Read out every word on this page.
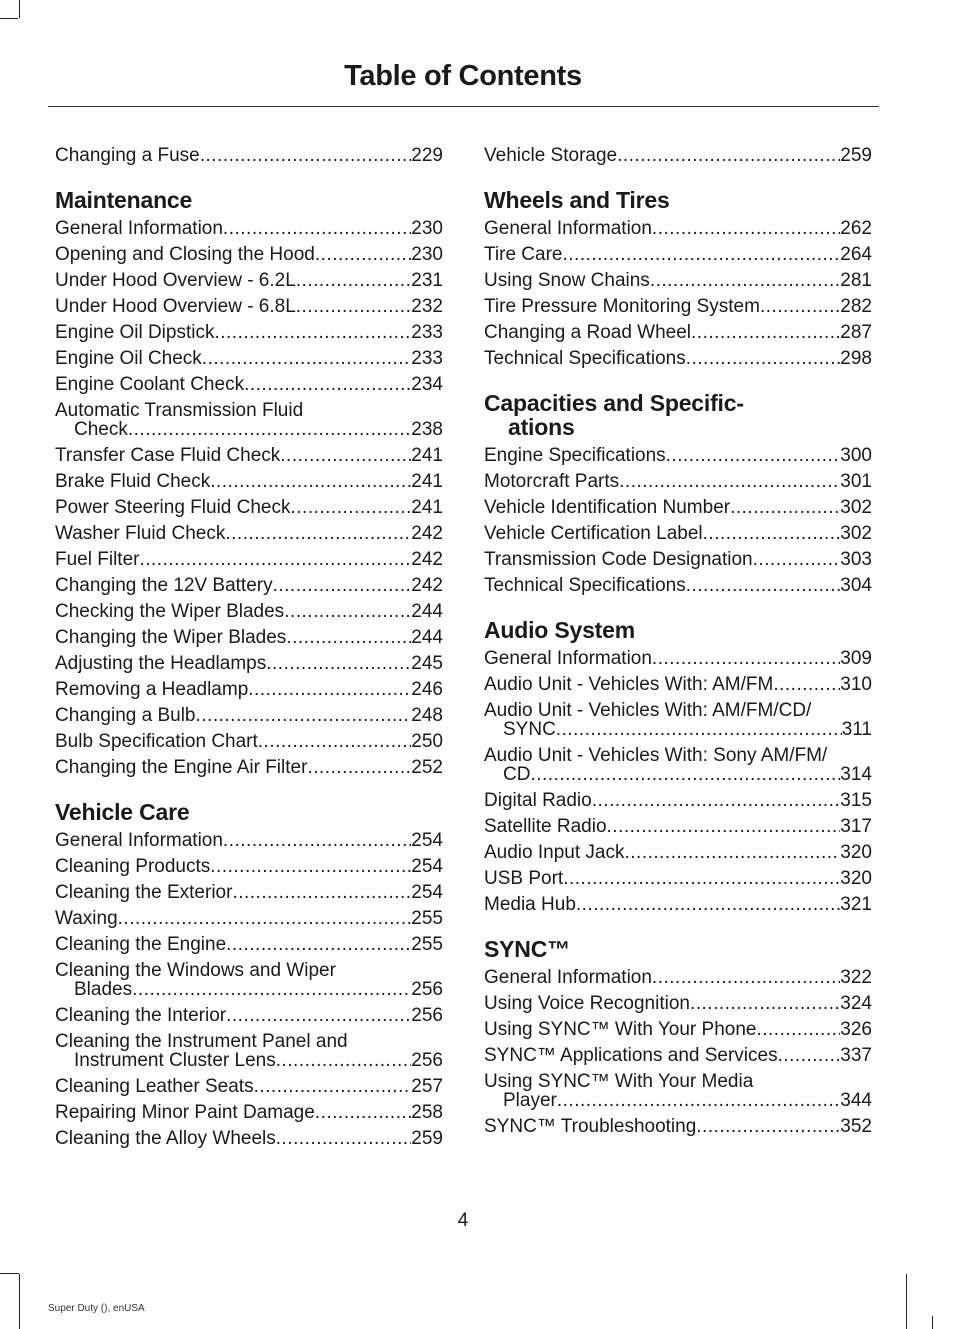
Table of Contents
Changing a Fuse .....	229
Maintenance
General Information .....	230
Opening and Closing the Hood .....	230
Under Hood Overview - 6.2L .....	231
Under Hood Overview - 6.8L .....	232
Engine Oil Dipstick .....	233
Engine Oil Check .....	233
Engine Coolant Check .....	234
Automatic Transmission Fluid
Check .....	238
Transfer Case Fluid Check .....	241
Brake Fluid Check .....	241
Power Steering Fluid Check .....	241
Washer Fluid Check .....	242
Fuel Filter .....	242
Changing the 12V Battery .....	242
Checking the Wiper Blades .....	244
Changing the Wiper Blades .....	244
Adjusting the Headlamps .....	245
Removing a Headlamp .....	246
Changing a Bulb .....	248
Bulb Specification Chart .....	250
Changing the Engine Air Filter .....	252
Vehicle Care
General Information .....	254
Cleaning Products .....	254
Cleaning the Exterior .....	254
Waxing .....	255
Cleaning the Engine .....	255
Cleaning the Windows and Wiper
Blades .....	256
Cleaning the Interior .....	256
Cleaning the Instrument Panel and
Instrument Cluster Lens .....	256
Cleaning Leather Seats .....	257
Repairing Minor Paint Damage .....	258
Cleaning the Alloy Wheels .....	259
Vehicle Storage .....	259
Wheels and Tires
General Information .....	262
Tire Care .....	264
Using Snow Chains .....	281
Tire Pressure Monitoring System .....	282
Changing a Road Wheel .....	287
Technical Specifications .....	298
Capacities and Specific-
ations
Engine Specifications .....	300
Motorcraft Parts .....	301
Vehicle Identification Number .....	302
Vehicle Certification Label .....	302
Transmission Code Designation .....	303
Technical Specifications .....	304
Audio System
General Information .....	309
Audio Unit - Vehicles With: AM/FM .....	310
Audio Unit - Vehicles With: AM/FM/CD/
SYNC .....	311
Audio Unit - Vehicles With: Sony AM/FM/
CD .....	314
Digital Radio .....	315
Satellite Radio .....	317
Audio Input Jack .....	320
USB Port .....	320
Media Hub .....	321
SYNC™
General Information .....	322
Using Voice Recognition .....	324
Using SYNC™ With Your Phone .....	326
SYNC™ Applications and Services .....	337
Using SYNC™ With Your Media
Player .....	344
SYNC™ Troubleshooting .....	352
4
Super Duty (), enUSA
